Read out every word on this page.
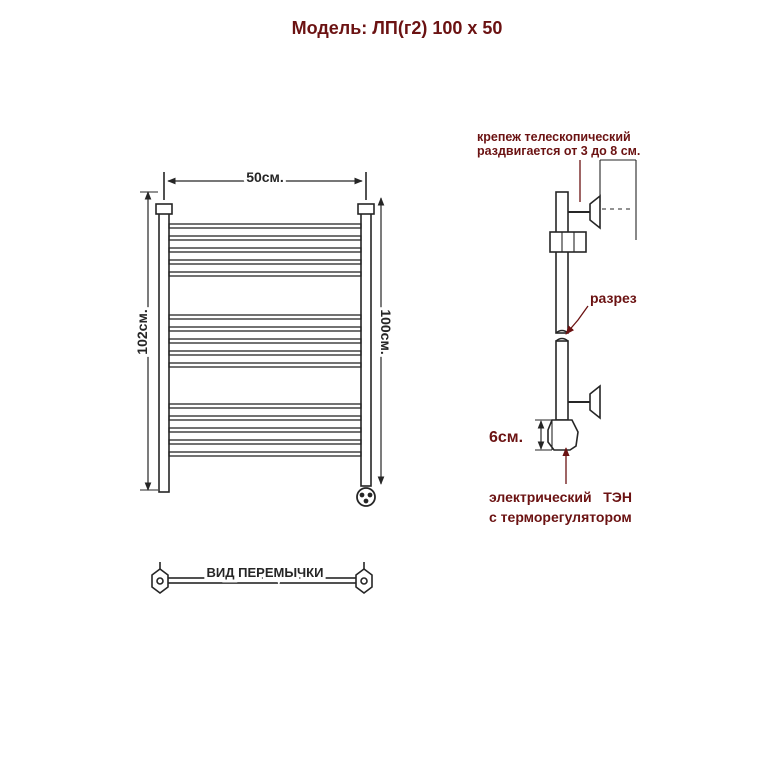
Модель: ЛП(г2) 100 х 50
50см.
102см.	100см.
крепеж телескопический
раздвигается от 3 до 8 см.
разрез
6см.
электрический   ТЭН
с терморегулятором
ВИД ПЕРЕМЫЧКИ
